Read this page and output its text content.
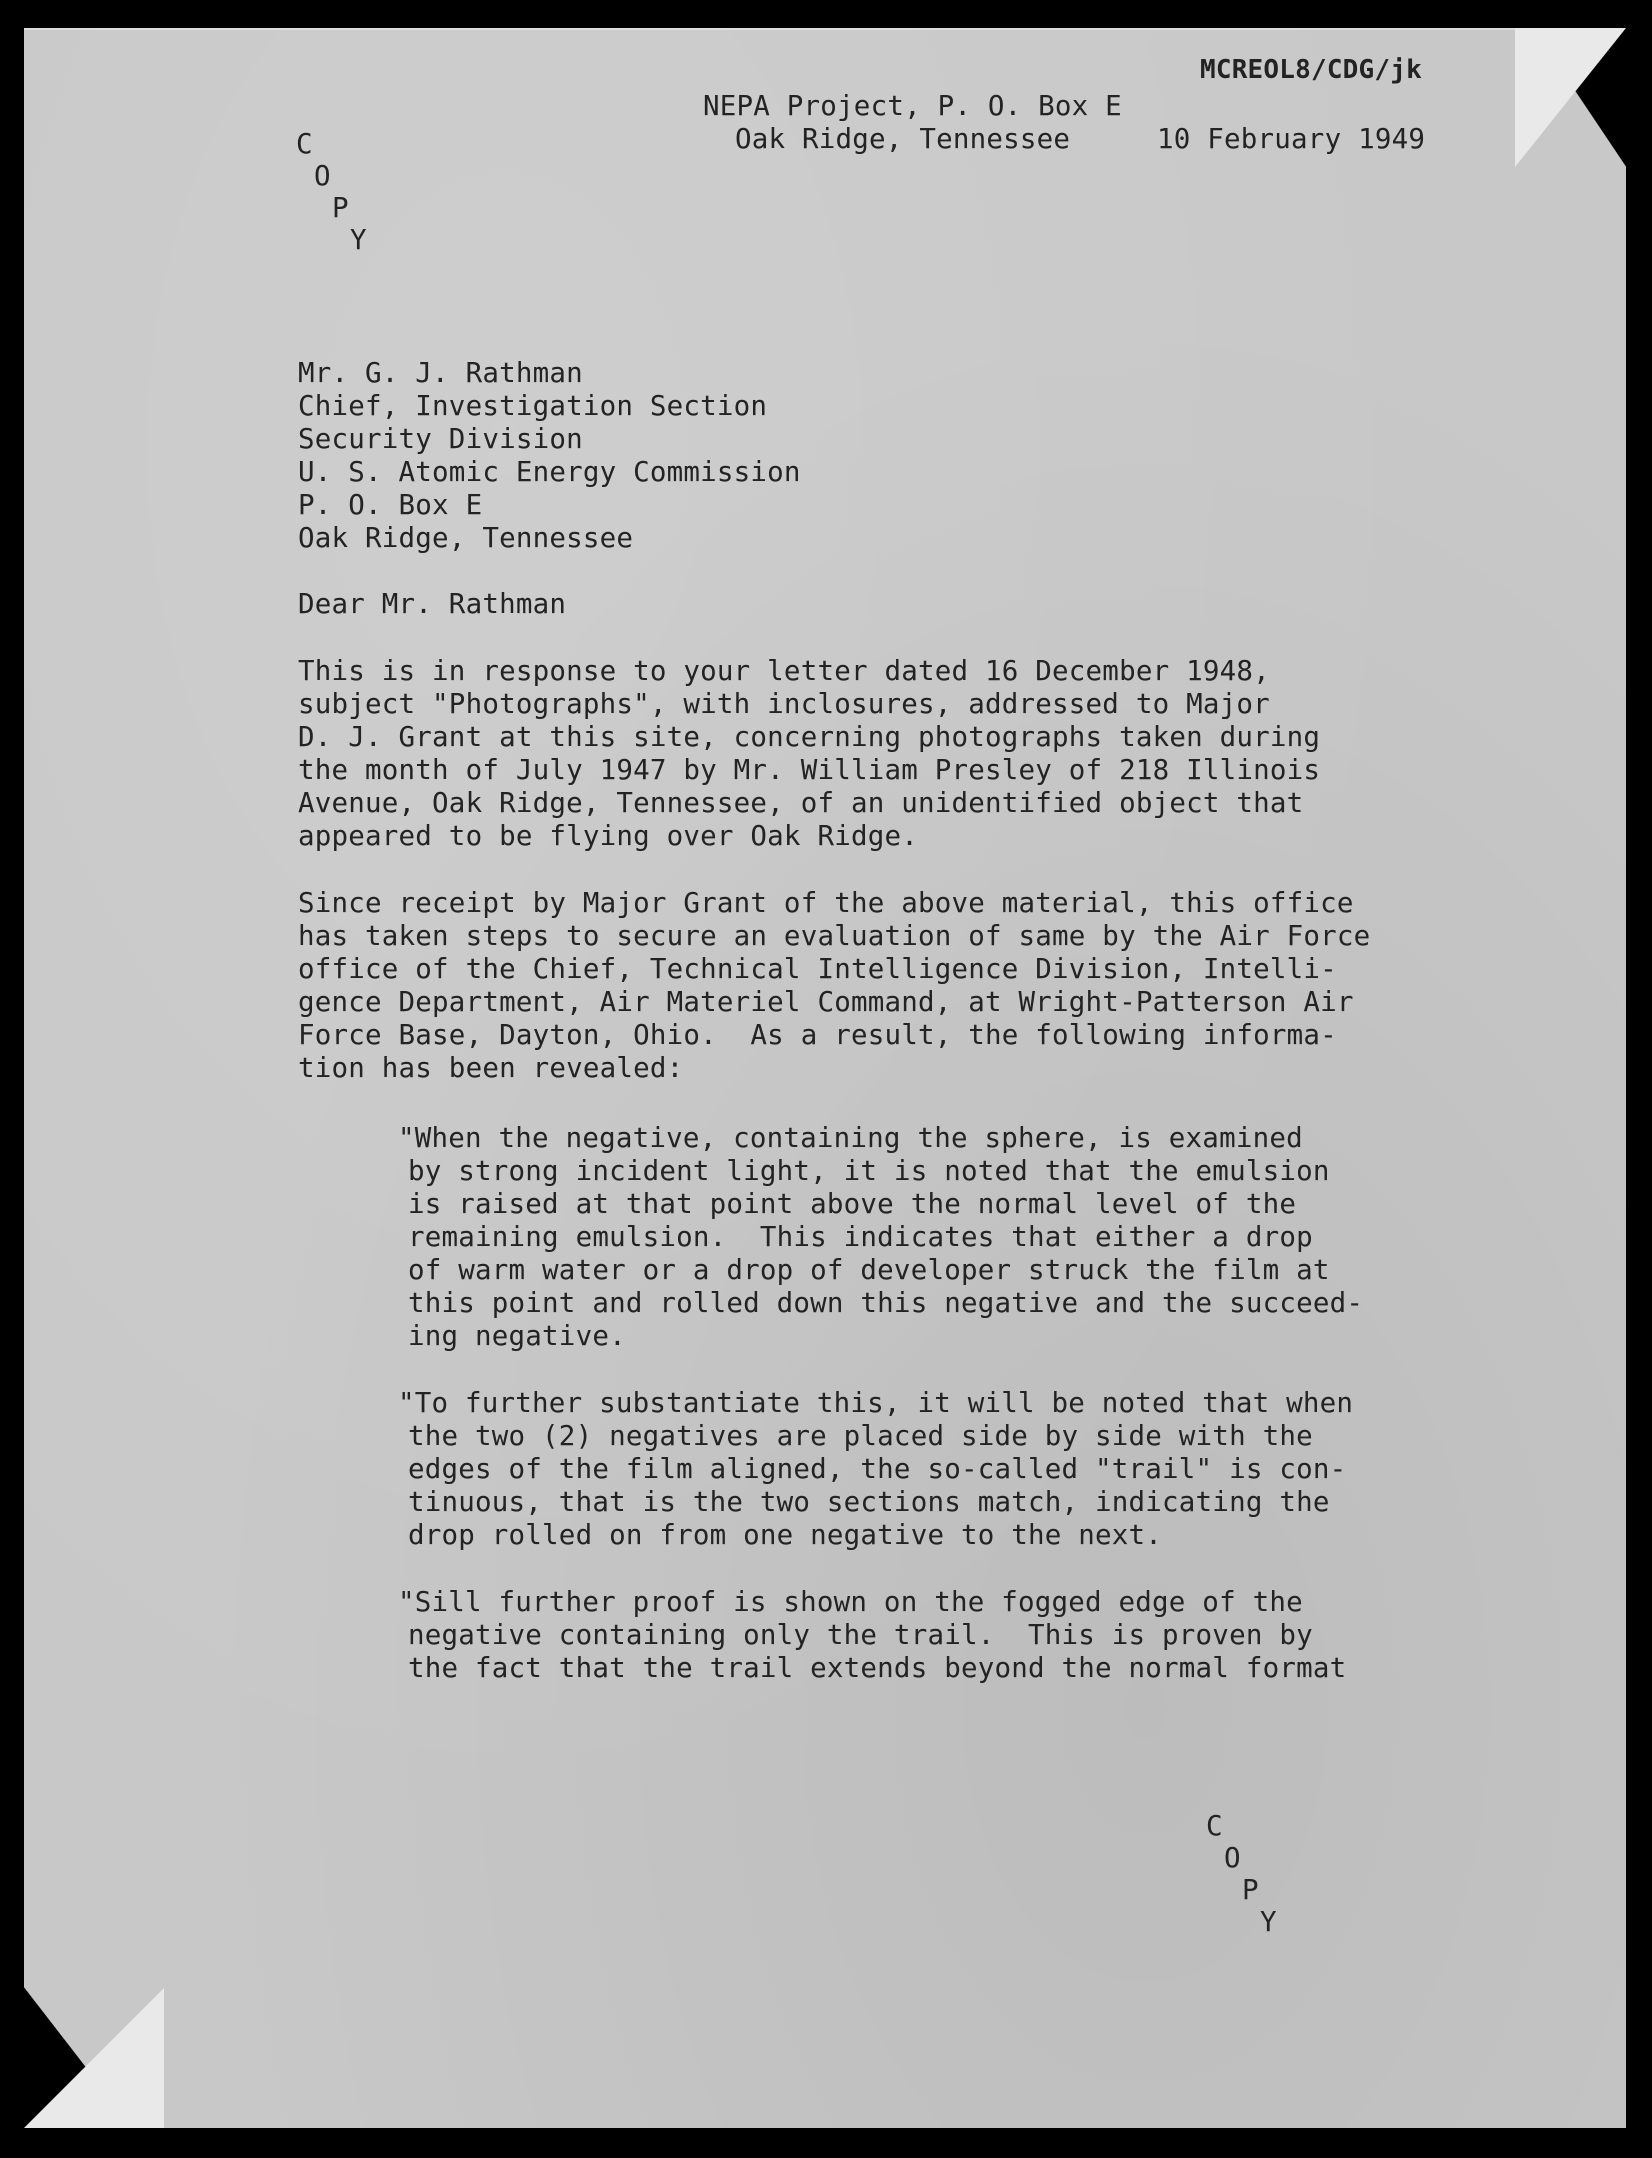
MCREOL8/CDG/jk
NEPA Project, P. O. Box E
Oak Ridge, Tennessee	10 February 1949
C
O
P
Y
Mr. G. J. Rathman
Chief, Investigation Section
Security Division
U. S. Atomic Energy Commission
P. O. Box E
Oak Ridge, Tennessee
Dear Mr. Rathman
This is in response to your letter dated 16 December 1948,
subject "Photographs", with inclosures, addressed to Major
D. J. Grant at this site, concerning photographs taken during
the month of July 1947 by Mr. William Presley of 218 Illinois
Avenue, Oak Ridge, Tennessee, of an unidentified object that
appeared to be flying over Oak Ridge.
Since receipt by Major Grant of the above material, this office
has taken steps to secure an evaluation of same by the Air Force
office of the Chief, Technical Intelligence Division, Intelli-
gence Department, Air Materiel Command, at Wright-Patterson Air
Force Base, Dayton, Ohio.  As a result, the following informa-
tion has been revealed:
"When the negative, containing the sphere, is examined
by strong incident light, it is noted that the emulsion
is raised at that point above the normal level of the
remaining emulsion.  This indicates that either a drop
of warm water or a drop of developer struck the film at
this point and rolled down this negative and the succeed-
ing negative.
"To further substantiate this, it will be noted that when
the two (2) negatives are placed side by side with the
edges of the film aligned, the so-called "trail" is con-
tinuous, that is the two sections match, indicating the
drop rolled on from one negative to the next.
"Sill further proof is shown on the fogged edge of the
negative containing only the trail.  This is proven by
the fact that the trail extends beyond the normal format
C
O
P
Y
